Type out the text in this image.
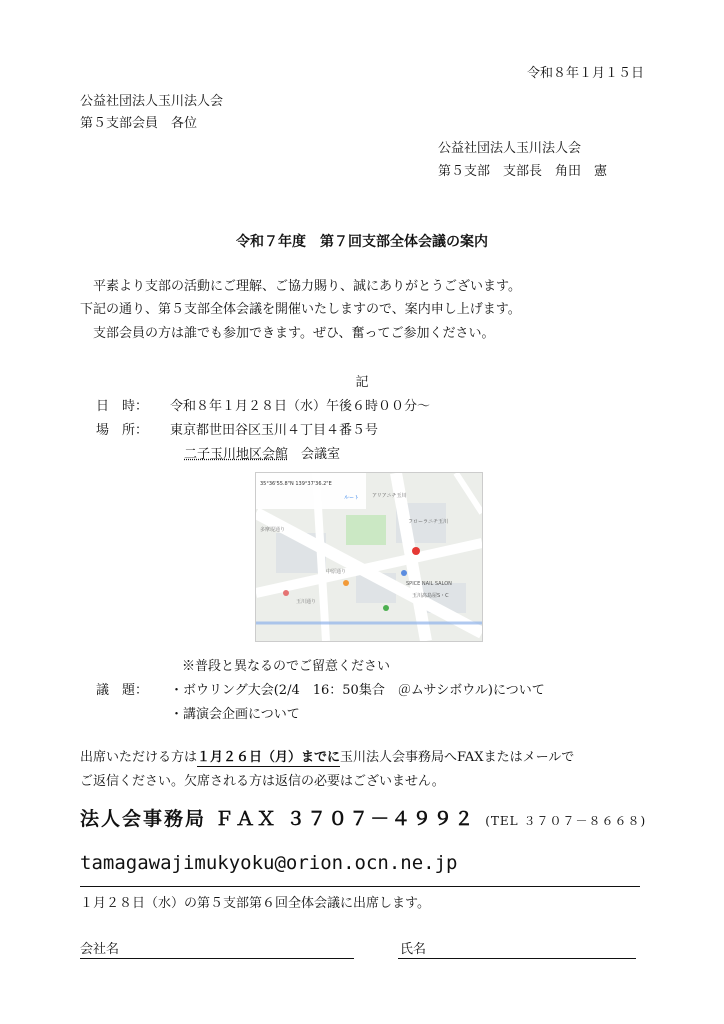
令和８年１月１５日
公益社団法人玉川法人会
第５支部会員　各位
公益社団法人玉川法人会
第５支部　支部長　角田　憲
令和７年度　第７回支部全体会議の案内
　平素より支部の活動にご理解、ご協力賜り、誠にありがとうございます。
下記の通り、第５支部全体会議を開催いたしますので、案内申し上げます。
　支部会員の方は誰でも参加できます。ぜひ、奮ってご参加ください。
記
日　時： 令和８年１月２８日（水）午後６時００分～
場　所： 東京都世田谷区玉川４丁目４番５号
二子玉川地区会館　会議室
35°36'55.8"N 139°37'36.2"E
ルート	アリアニチ玉川
フローラニチ玉川
SPICE NAIL SALON
玉川髙島屋S・C
多摩堤通り
玉川通り
中原通り
※普段と異なるのでご留意ください
議　題： ・ボウリング大会(2/4　16：50集合　＠ムサシボウル)について
・講演会企画について
出席いただける方は１月２６日（月）までに玉川法人会事務局へFAXまたはメールで
ご返信ください。欠席される方は返信の必要はございません。
法人会事務局 ＦＡＸ ３７０７－４９９２ (TEL ３７０７－８６６８)
tamagawajimukyoku@orion.ocn.ne.jp
１月２８日（水）の第５支部第６回全体会議に出席します。
会社名	氏名
